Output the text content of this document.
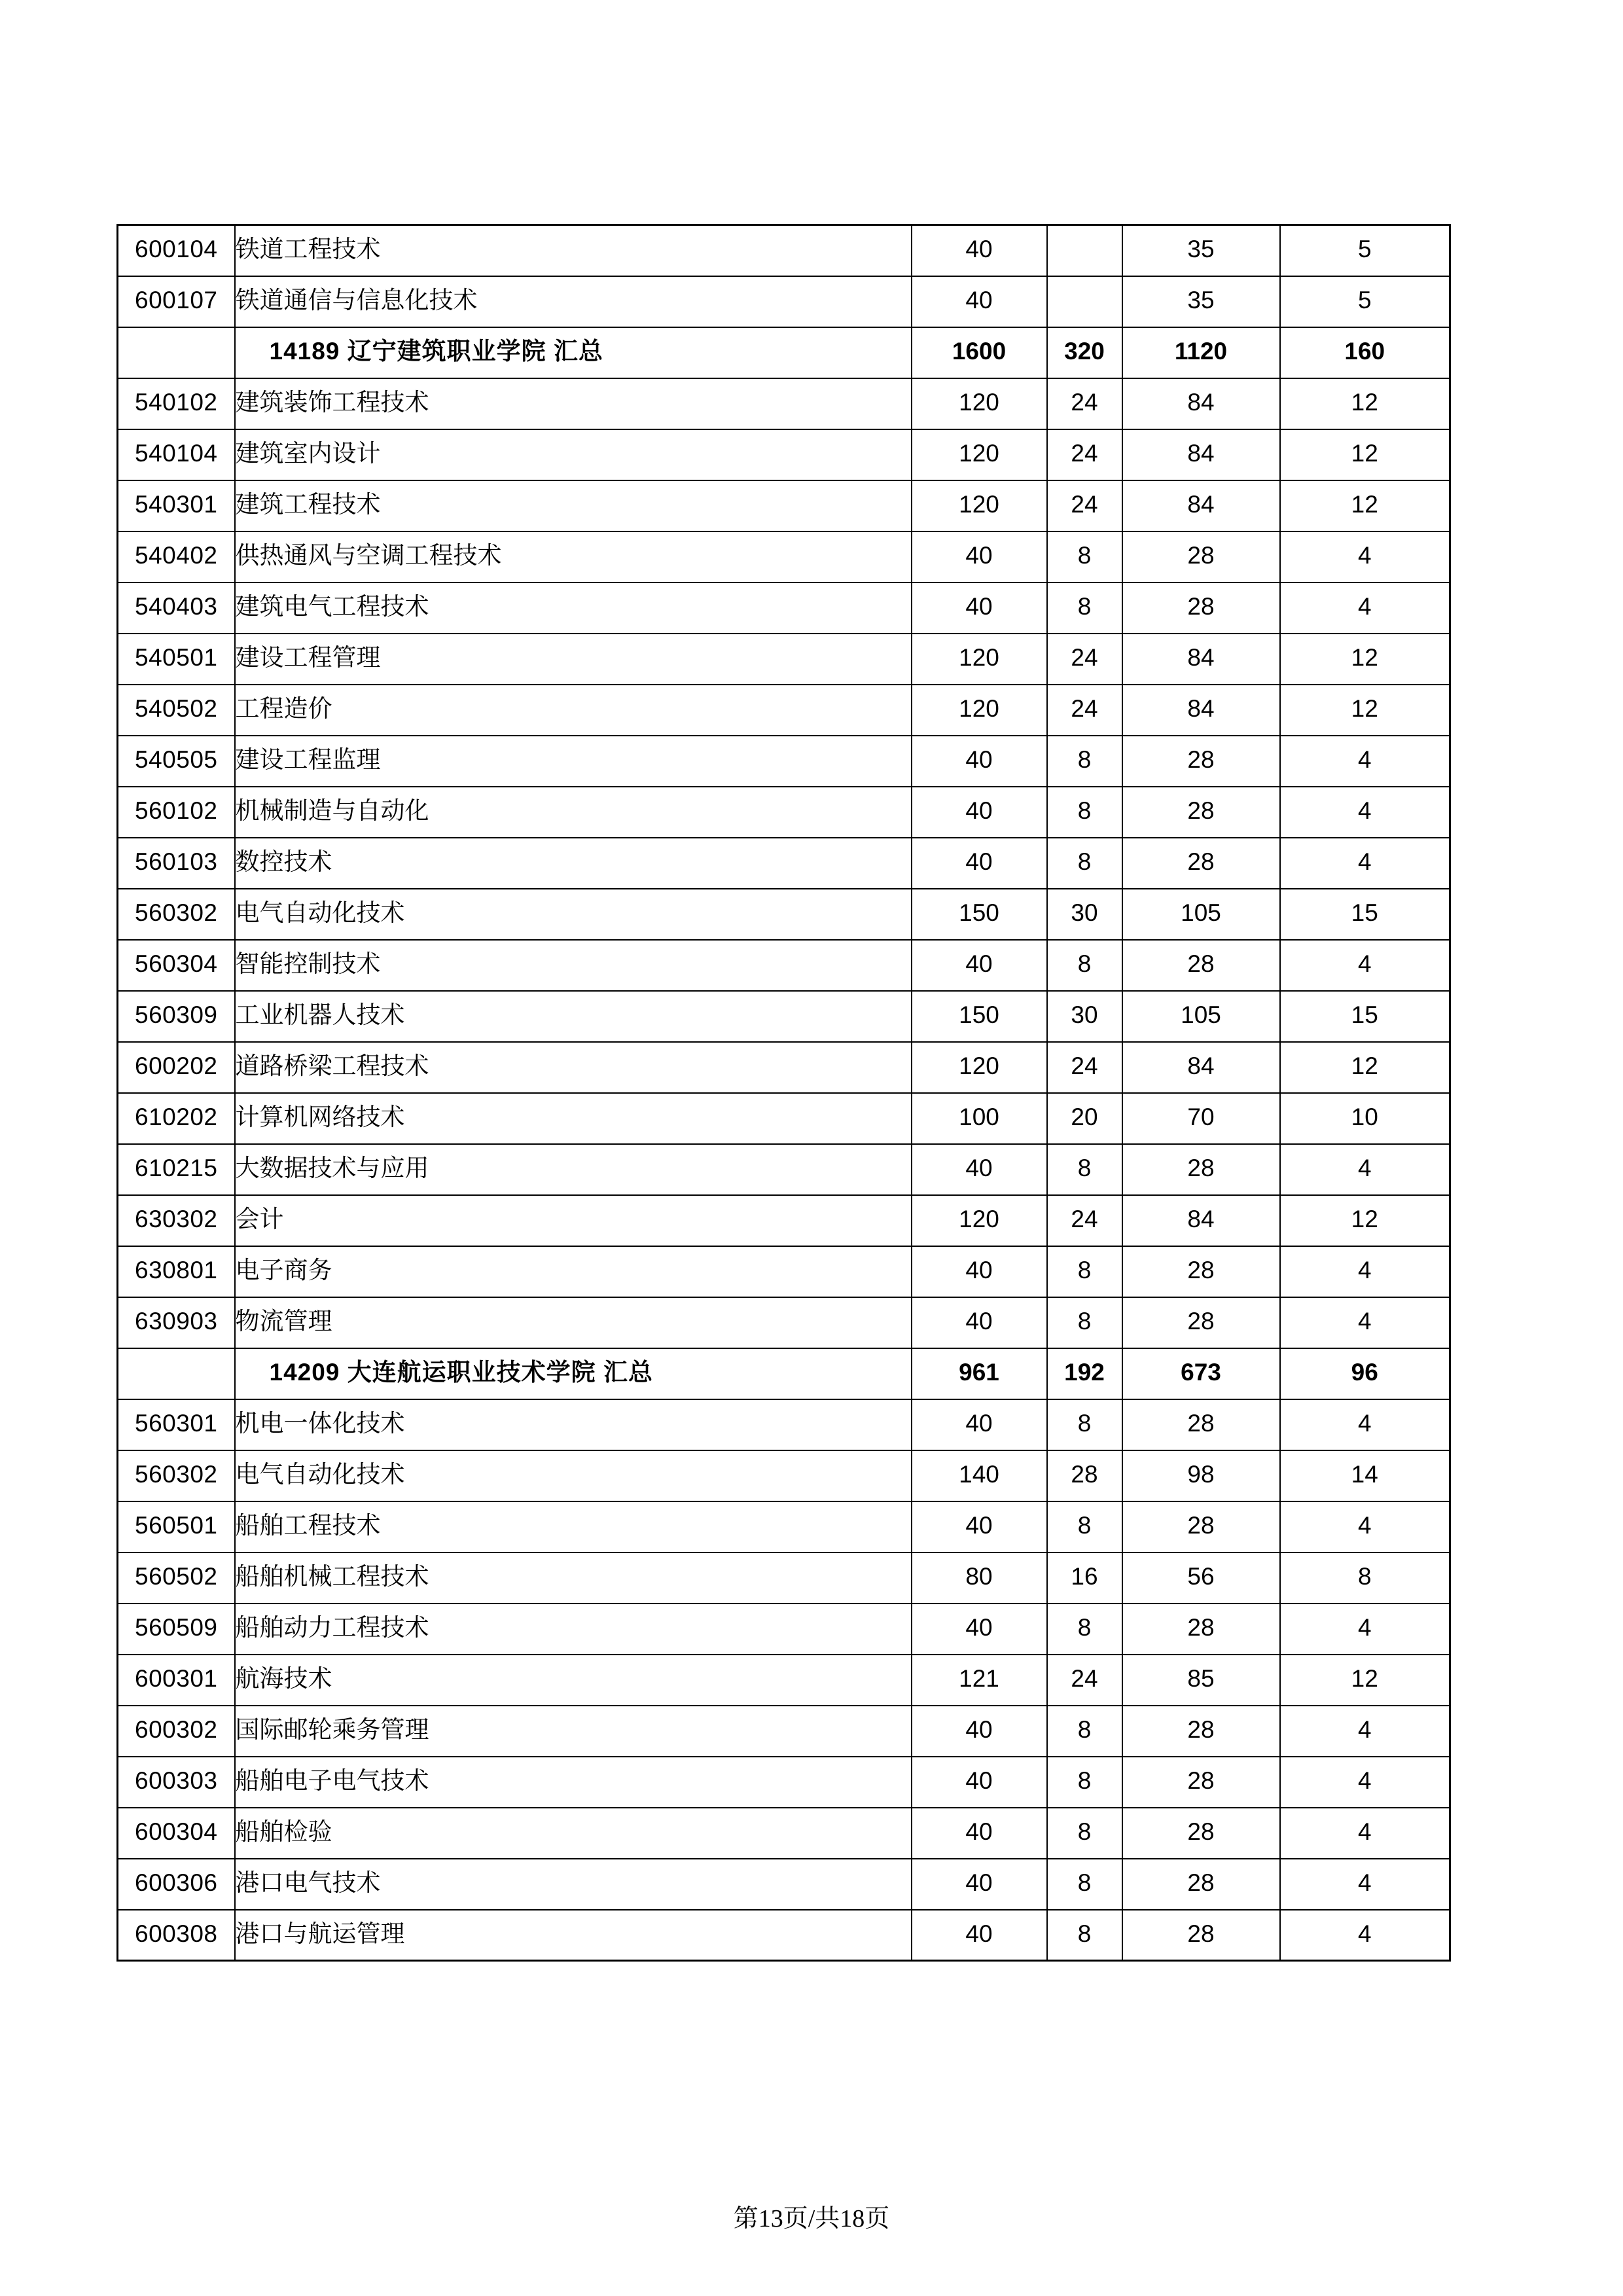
600104	铁道工程技术	40		35	5
600107	铁道通信与信息化技术	40		35	5
	14189 辽宁建筑职业学院 汇总	1600	320	1120	160
540102	建筑装饰工程技术	120	24	84	12
540104	建筑室内设计	120	24	84	12
540301	建筑工程技术	120	24	84	12
540402	供热通风与空调工程技术	40	8	28	4
540403	建筑电气工程技术	40	8	28	4
540501	建设工程管理	120	24	84	12
540502	工程造价	120	24	84	12
540505	建设工程监理	40	8	28	4
560102	机械制造与自动化	40	8	28	4
560103	数控技术	40	8	28	4
560302	电气自动化技术	150	30	105	15
560304	智能控制技术	40	8	28	4
560309	工业机器人技术	150	30	105	15
600202	道路桥梁工程技术	120	24	84	12
610202	计算机网络技术	100	20	70	10
610215	大数据技术与应用	40	8	28	4
630302	会计	120	24	84	12
630801	电子商务	40	8	28	4
630903	物流管理	40	8	28	4
	14209 大连航运职业技术学院 汇总	961	192	673	96
560301	机电一体化技术	40	8	28	4
560302	电气自动化技术	140	28	98	14
560501	船舶工程技术	40	8	28	4
560502	船舶机械工程技术	80	16	56	8
560509	船舶动力工程技术	40	8	28	4
600301	航海技术	121	24	85	12
600302	国际邮轮乘务管理	40	8	28	4
600303	船舶电子电气技术	40	8	28	4
600304	船舶检验	40	8	28	4
600306	港口电气技术	40	8	28	4
600308	港口与航运管理	40	8	28	4
第13页/共18页
